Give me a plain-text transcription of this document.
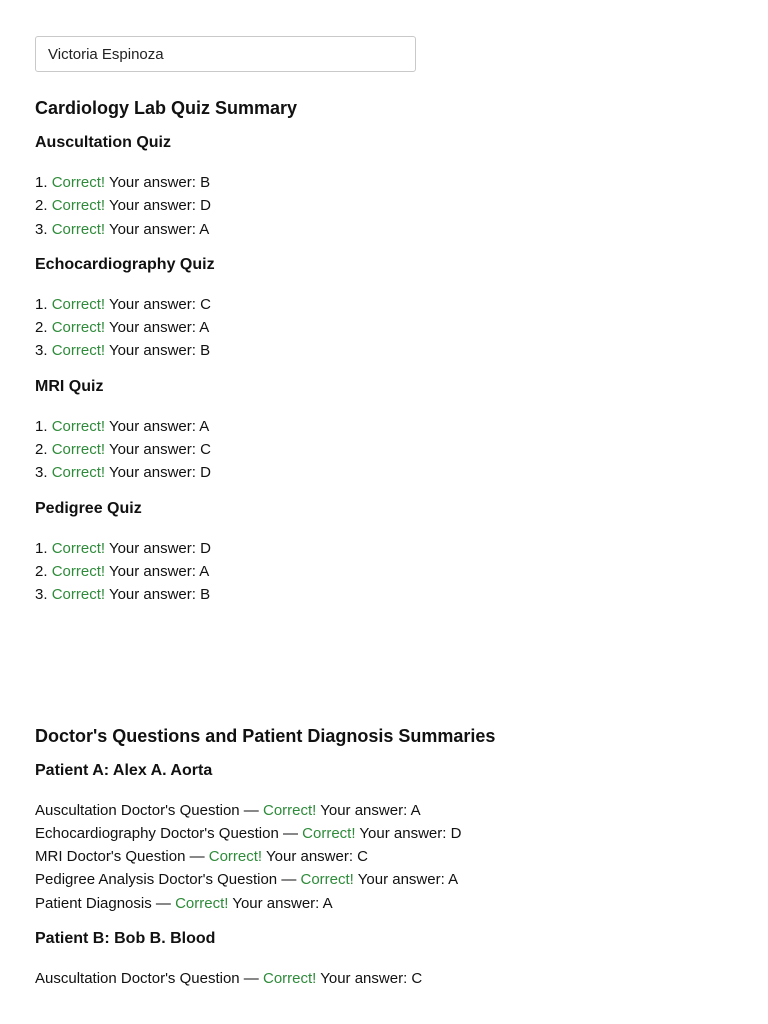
Victoria Espinoza
Cardiology Lab Quiz Summary
Auscultation Quiz
1. Correct! Your answer: B
2. Correct! Your answer: D
3. Correct! Your answer: A
Echocardiography Quiz
1. Correct! Your answer: C
2. Correct! Your answer: A
3. Correct! Your answer: B
MRI Quiz
1. Correct! Your answer: A
2. Correct! Your answer: C
3. Correct! Your answer: D
Pedigree Quiz
1. Correct! Your answer: D
2. Correct! Your answer: A
3. Correct! Your answer: B
Doctor's Questions and Patient Diagnosis Summaries
Patient A: Alex A. Aorta
Auscultation Doctor's Question — Correct! Your answer: A
Echocardiography Doctor's Question — Correct! Your answer: D
MRI Doctor's Question — Correct! Your answer: C
Pedigree Analysis Doctor's Question — Correct! Your answer: A
Patient Diagnosis — Correct! Your answer: A
Patient B: Bob B. Blood
Auscultation Doctor's Question — Correct! Your answer: C
